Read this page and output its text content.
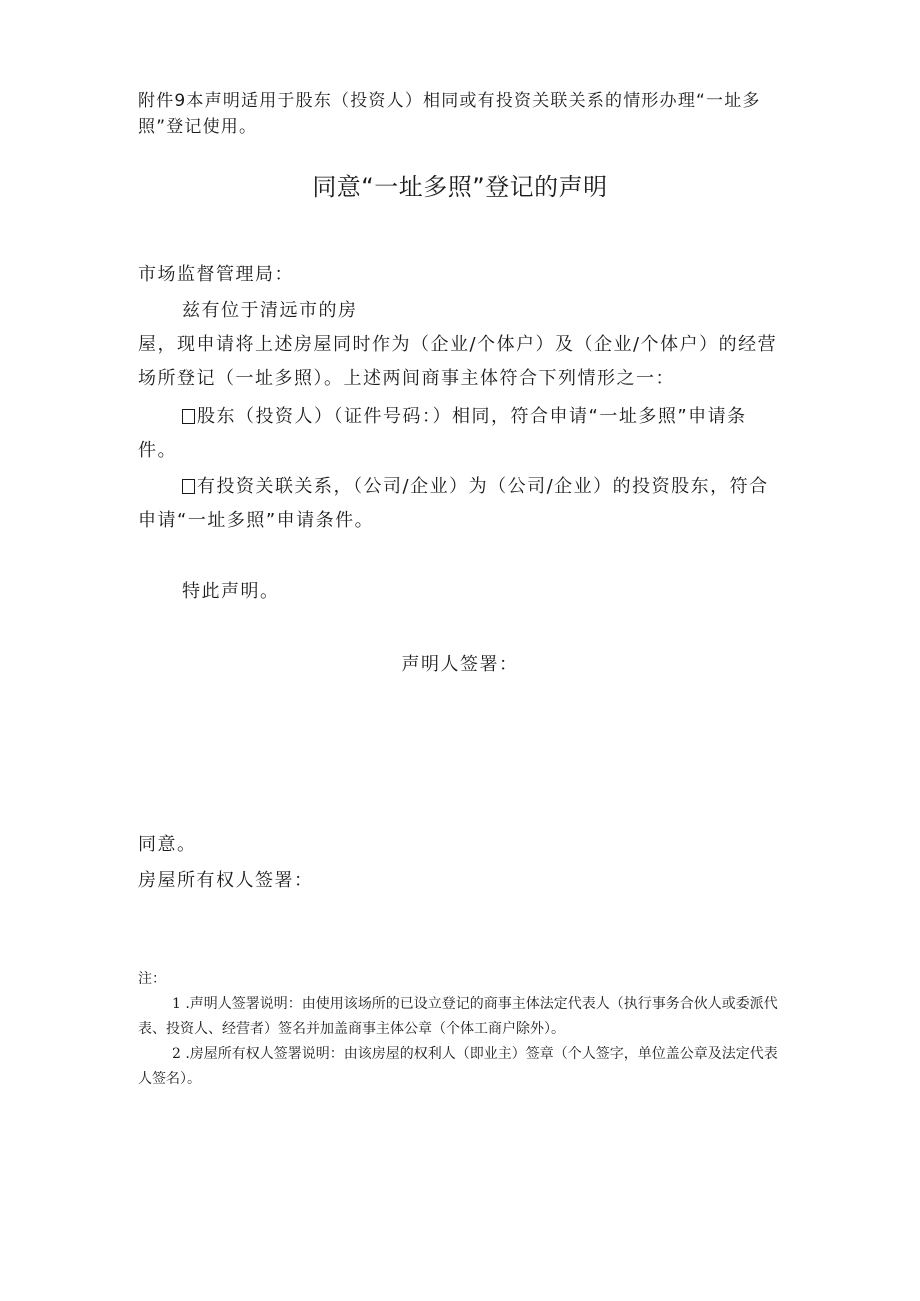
附件9本声明适用于股东（投资人）相同或有投资关联关系的情形办理“一址多照”登记使用。
同意“一址多照”登记的声明
市场监督管理局：
兹有位于清远市的房
屋，现申请将上述房屋同时作为（企业/个体户）及（企业/个体户）的经营场所登记（一址多照）。上述两间商事主体符合下列情形之一：
股东（投资人）（证件号码：）相同，符合申请“一址多照”申请条件。
有投资关联关系，（公司/企业）为（公司/企业）的投资股东，符合申请“一址多照”申请条件。
特此声明。
声明人签署：
同意。
房屋所有权人签署：
注：
1 .声明人签署说明：由使用该场所的已设立登记的商事主体法定代表人（执行事务合伙人或委派代表、投资人、经营者）签名并加盖商事主体公章（个体工商户除外）。
2 .房屋所有权人签署说明：由该房屋的权利人（即业主）签章（个人签字，单位盖公章及法定代表人签名）。
